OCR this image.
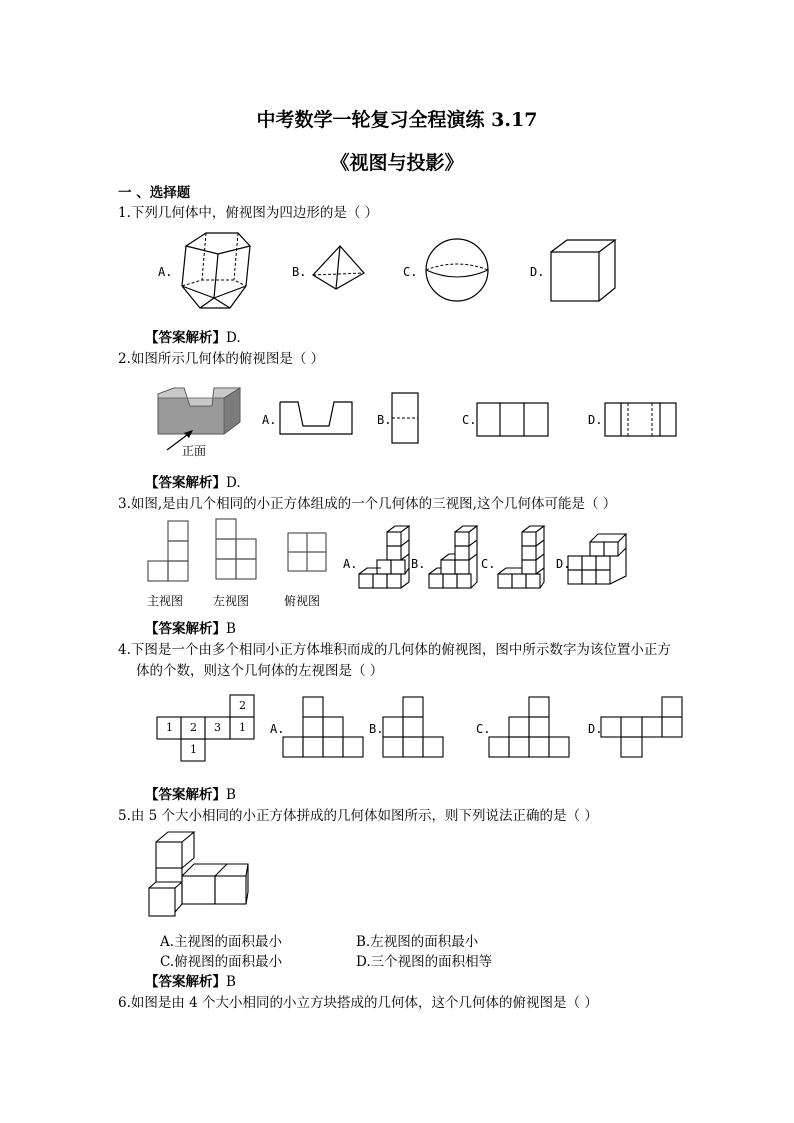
中考数学一轮复习全程演练 3.17
《视图与投影》
一 、选择题
1.下列几何体中，俯视图为四边形的是（ ）
A.	B.	C.	D.
【答案解析】D.
2.如图所示几何体的俯视图是（ ）
正面
A.	B.	C.	D.
【答案解析】D.
3.如图,是由几个相同的小正方体组成的一个几何体的三视图,这个几何体可能是（ ）
主视图 左视图	俯视图
A.	B.	C.	D.
【答案解析】B
4.下图是一个由多个相同小正方体堆积而成的几何体的俯视图，图中所示数字为该位置小正方
体的个数，则这个几何体的左视图是（ ）
2
1 2 3 1
1
A.	B.	C.	D.
【答案解析】B
5.由 5 个大小相同的小正方体拼成的几何体如图所示，则下列说法正确的是（ ）
A.主视图的面积最小	B.左视图的面积最小
C.俯视图的面积最小	D.三个视图的面积相等
【答案解析】B
6.如图是由 4 个大小相同的小立方块搭成的几何体，这个几何体的俯视图是（ ）
